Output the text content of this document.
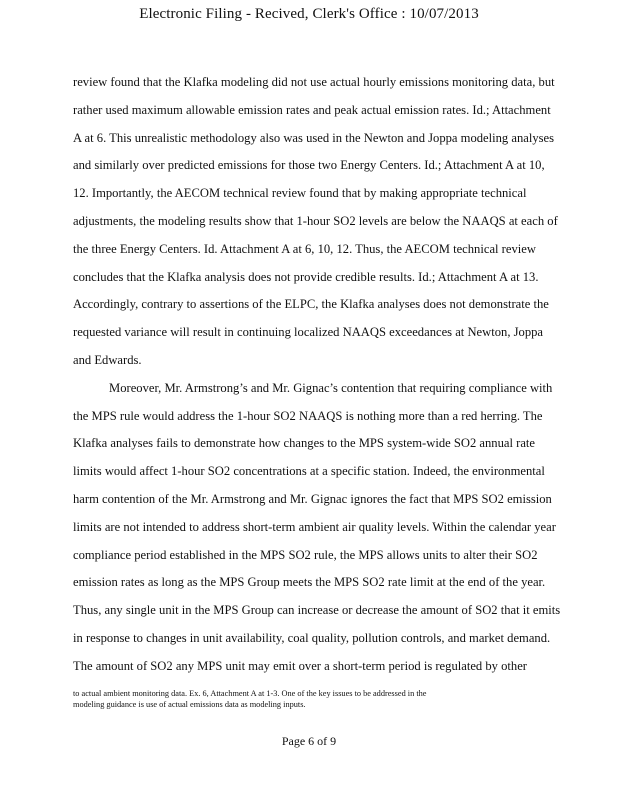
Electronic Filing - Recived, Clerk's Office : 10/07/2013
review found that the Klafka modeling did not use actual hourly emissions monitoring data, but
rather used maximum allowable emission rates and peak actual emission rates. Id.; Attachment
A at 6. This unrealistic methodology also was used in the Newton and Joppa modeling analyses
and similarly over predicted emissions for those two Energy Centers. Id.; Attachment A at 10,
12. Importantly, the AECOM technical review found that by making appropriate technical
adjustments, the modeling results show that 1-hour SO2 levels are below the NAAQS at each of
the three Energy Centers. Id. Attachment A at 6, 10, 12. Thus, the AECOM technical review
concludes that the Klafka analysis does not provide credible results. Id.; Attachment A at 13.
Accordingly, contrary to assertions of the ELPC, the Klafka analyses does not demonstrate the
requested variance will result in continuing localized NAAQS exceedances at Newton, Joppa
and Edwards.
Moreover, Mr. Armstrong’s and Mr. Gignac’s contention that requiring compliance with
the MPS rule would address the 1-hour SO2 NAAQS is nothing more than a red herring. The
Klafka analyses fails to demonstrate how changes to the MPS system-wide SO2 annual rate
limits would affect 1-hour SO2 concentrations at a specific station. Indeed, the environmental
harm contention of the Mr. Armstrong and Mr. Gignac ignores the fact that MPS SO2 emission
limits are not intended to address short-term ambient air quality levels. Within the calendar year
compliance period established in the MPS SO2 rule, the MPS allows units to alter their SO2
emission rates as long as the MPS Group meets the MPS SO2 rate limit at the end of the year.
Thus, any single unit in the MPS Group can increase or decrease the amount of SO2 that it emits
in response to changes in unit availability, coal quality, pollution controls, and market demand.
The amount of SO2 any MPS unit may emit over a short-term period is regulated by other
to actual ambient monitoring data. Ex. 6, Attachment A at 1-3. One of the key issues to be addressed in the
modeling guidance is use of actual emissions data as modeling inputs.
Page 6 of 9
